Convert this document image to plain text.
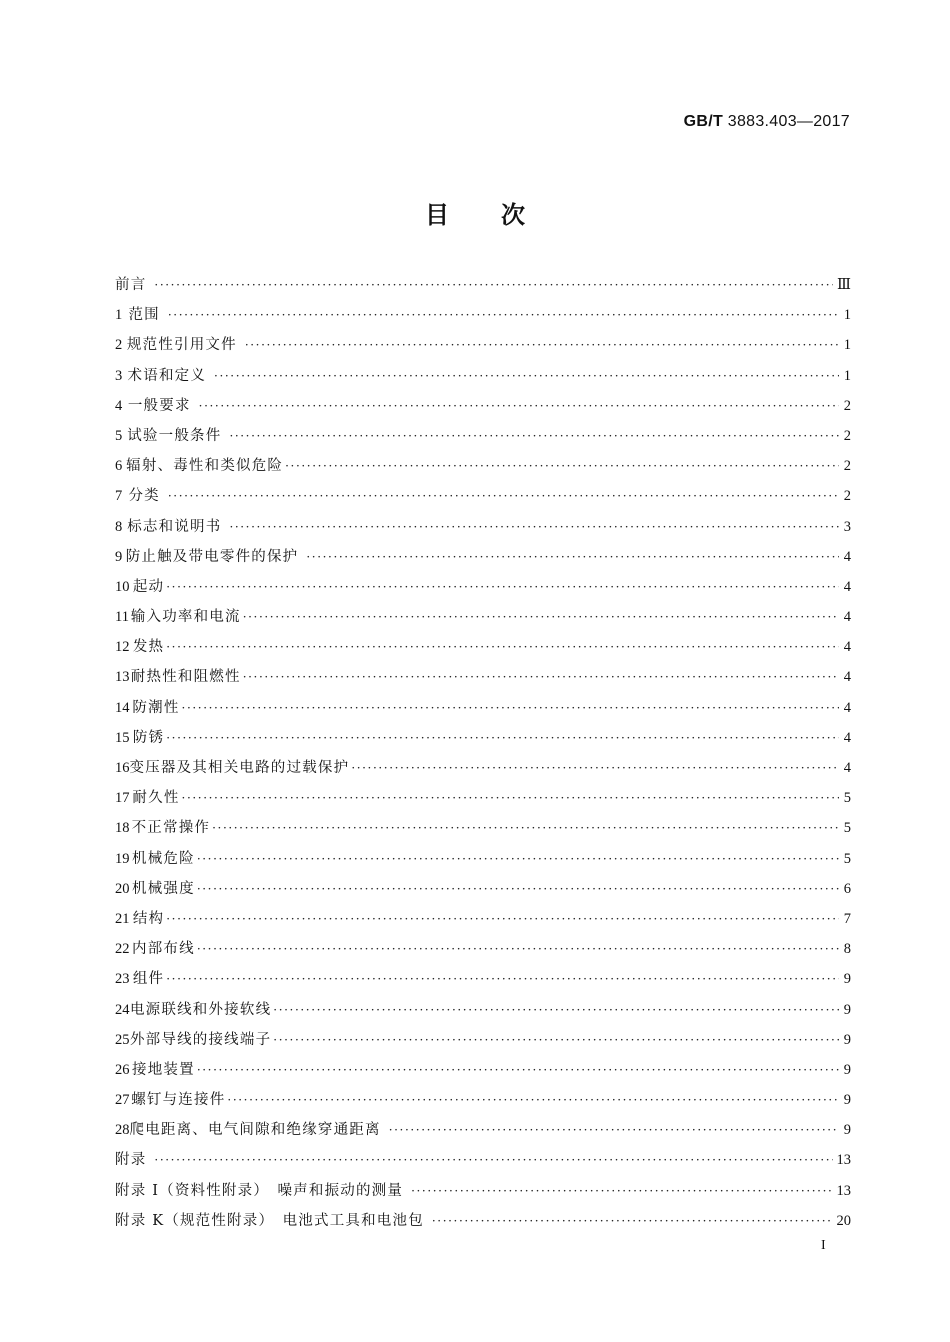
GB/T 3883.403—2017
目次
前言 ·····	Ⅲ
1 范围 ·····	1
2 规范性引用文件 ·····	1
3 术语和定义 ·····	1
4 一般要求 ·····	2
5 试验一般条件 ·····	2
6 辐射、毒性和类似危险 ·····	2
7 分类 ·····	2
8 标志和说明书 ·····	3
9 防止触及带电零件的保护 ·····	4
10 起动 ·····	4
11 输入功率和电流 ·····	4
12 发热 ·····	4
13 耐热性和阻燃性 ·····	4
14 防潮性 ·····	4
15 防锈 ·····	4
16 变压器及其相关电路的过载保护 ·····	4
17 耐久性 ·····	5
18 不正常操作 ·····	5
19 机械危险 ·····	5
20 机械强度 ·····	6
21 结构 ·····	7
22 内部布线 ·····	8
23 组件 ·····	9
24 电源联线和外接软线 ·····	9
25 外部导线的接线端子 ·····	9
26 接地装置 ·····	9
27 螺钉与连接件 ·····	9
28 爬电距离、电气间隙和绝缘穿通距离 ·····	9
附录 ·····	13
附录 I（资料性附录）　噪声和振动的测量 ·····	13
附录 K（规范性附录）　电池式工具和电池包 ·····	20
I
